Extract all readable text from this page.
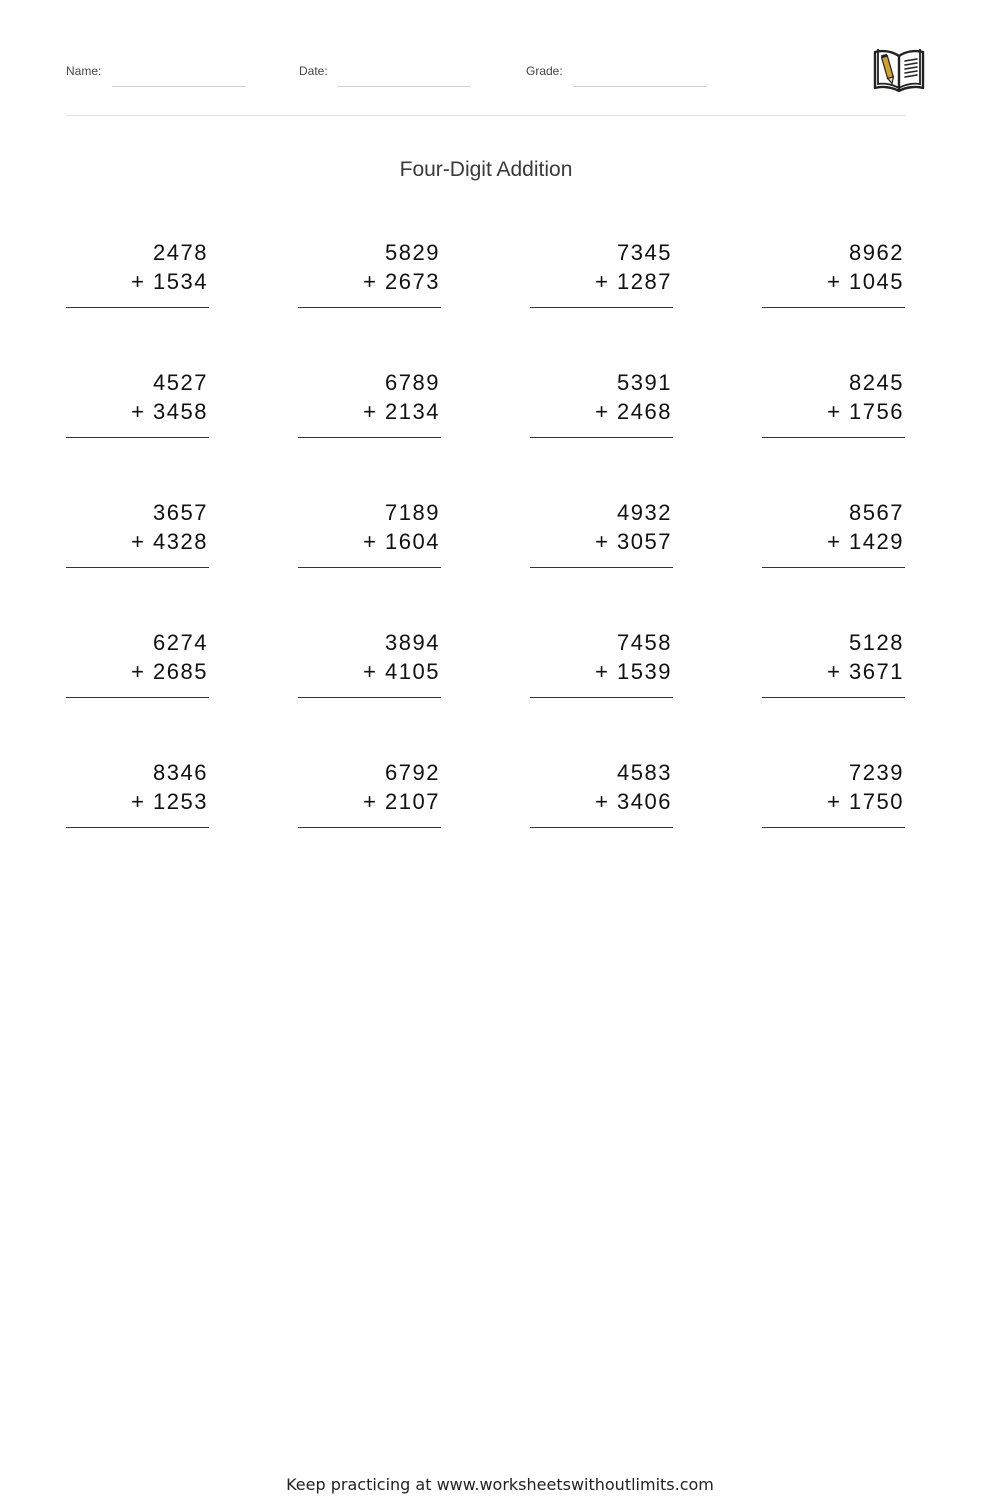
Name:	Date:	Grade:
Four-Digit Addition
2478
+ 1534
5829
+ 2673
7345
+ 1287
8962
+ 1045
4527
+ 3458
6789
+ 2134
5391
+ 2468
8245
+ 1756
3657
+ 4328
7189
+ 1604
4932
+ 3057
8567
+ 1429
6274
+ 2685
3894
+ 4105
7458
+ 1539
5128
+ 3671
8346
+ 1253
6792
+ 2107
4583
+ 3406
7239
+ 1750
Keep practicing at www.worksheetswithoutlimits.com
